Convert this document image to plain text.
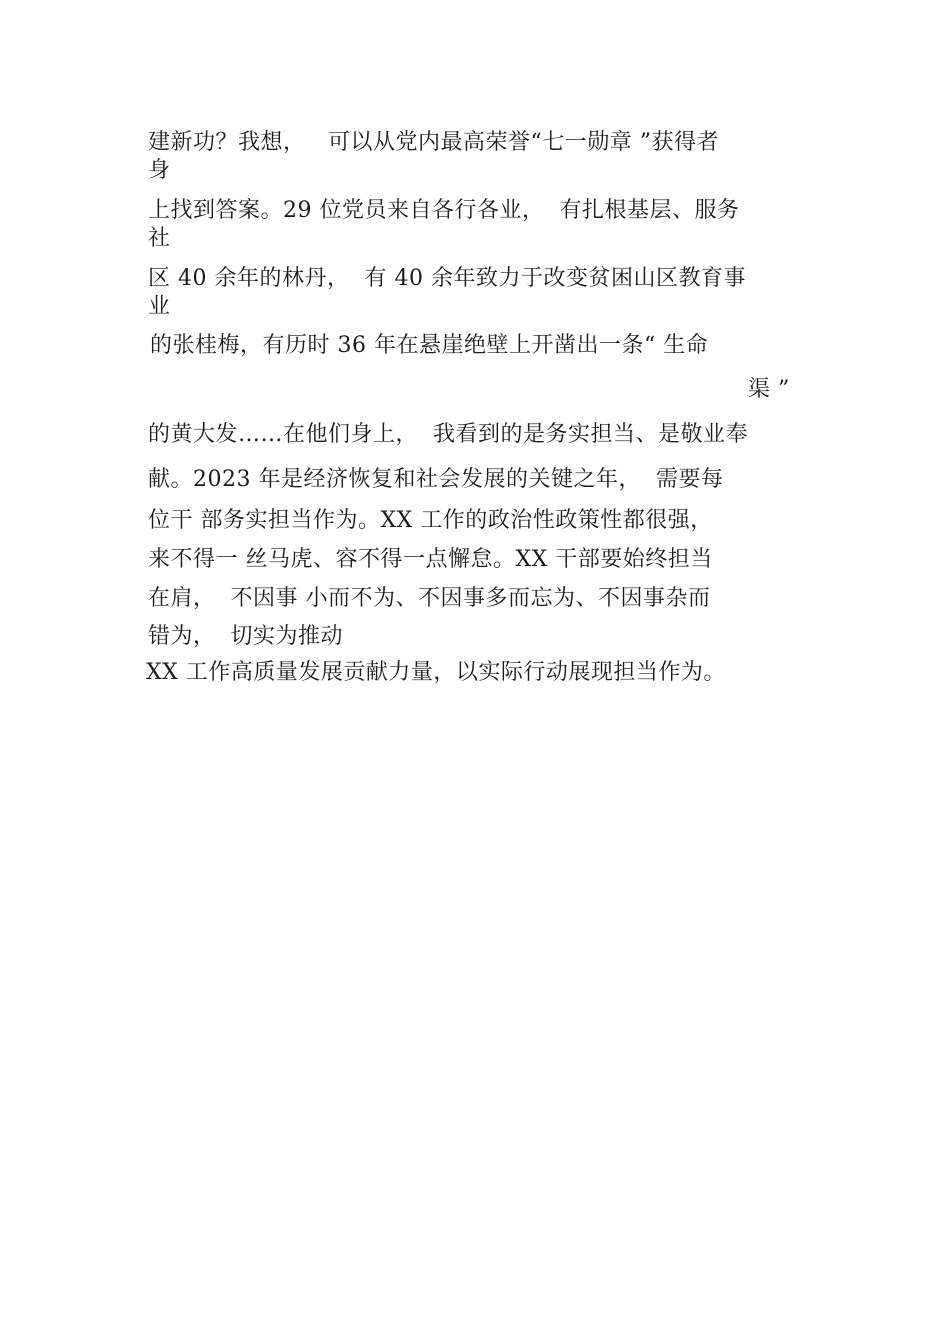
建新功？我想，   可以从党内最高荣誉“七一勋章 ”获得者
身
上找到答案。29 位党员来自各行各业，  有扎根基层、服务
社
区 40 余年的林丹，  有 40 余年致力于改变贫困山区教育事
业
的张桂梅，有历时 36 年在悬崖绝壁上开凿出一条“ 生命
渠 ”
的黄大发……在他们身上，  我看到的是务实担当、是敬业奉
献。2023 年是经济恢复和社会发展的关键之年，  需要每
位干 部务实担当作为。XX 工作的政治性政策性都很强，
来不得一 丝马虎、容不得一点懈怠。XX 干部要始终担当
在肩，  不因事 小而不为、不因事多而忘为、不因事杂而
错为，  切实为推动
XX 工作高质量发展贡献力量，以实际行动展现担当作为。
